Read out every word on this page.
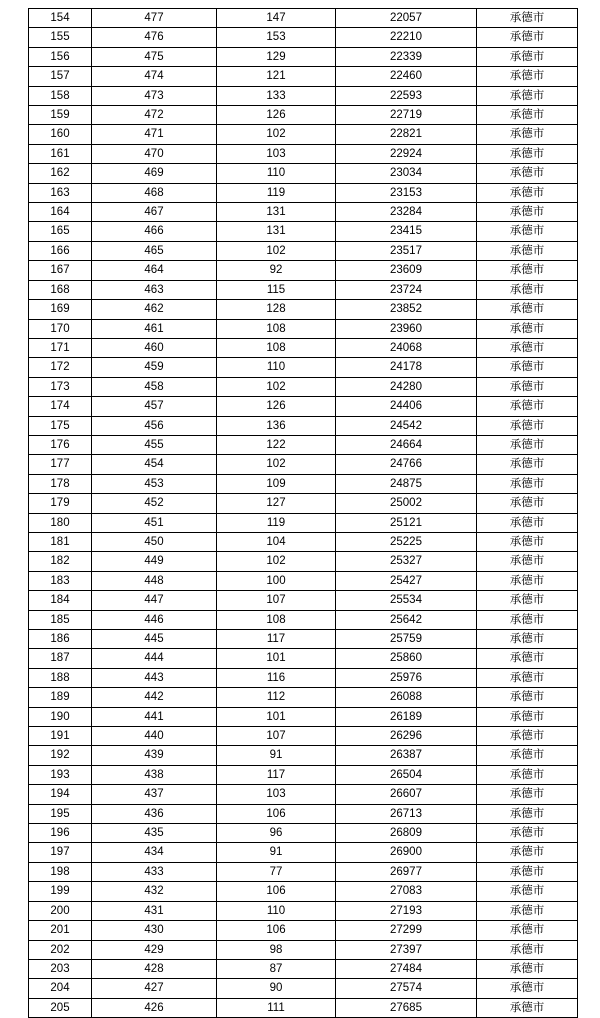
154	477	147	22057	承德市
155	476	153	22210	承德市
156	475	129	22339	承德市
157	474	121	22460	承德市
158	473	133	22593	承德市
159	472	126	22719	承德市
160	471	102	22821	承德市
161	470	103	22924	承德市
162	469	110	23034	承德市
163	468	119	23153	承德市
164	467	131	23284	承德市
165	466	131	23415	承德市
166	465	102	23517	承德市
167	464	92	23609	承德市
168	463	115	23724	承德市
169	462	128	23852	承德市
170	461	108	23960	承德市
171	460	108	24068	承德市
172	459	110	24178	承德市
173	458	102	24280	承德市
174	457	126	24406	承德市
175	456	136	24542	承德市
176	455	122	24664	承德市
177	454	102	24766	承德市
178	453	109	24875	承德市
179	452	127	25002	承德市
180	451	119	25121	承德市
181	450	104	25225	承德市
182	449	102	25327	承德市
183	448	100	25427	承德市
184	447	107	25534	承德市
185	446	108	25642	承德市
186	445	117	25759	承德市
187	444	101	25860	承德市
188	443	116	25976	承德市
189	442	112	26088	承德市
190	441	101	26189	承德市
191	440	107	26296	承德市
192	439	91	26387	承德市
193	438	117	26504	承德市
194	437	103	26607	承德市
195	436	106	26713	承德市
196	435	96	26809	承德市
197	434	91	26900	承德市
198	433	77	26977	承德市
199	432	106	27083	承德市
200	431	110	27193	承德市
201	430	106	27299	承德市
202	429	98	27397	承德市
203	428	87	27484	承德市
204	427	90	27574	承德市
205	426	111	27685	承德市
